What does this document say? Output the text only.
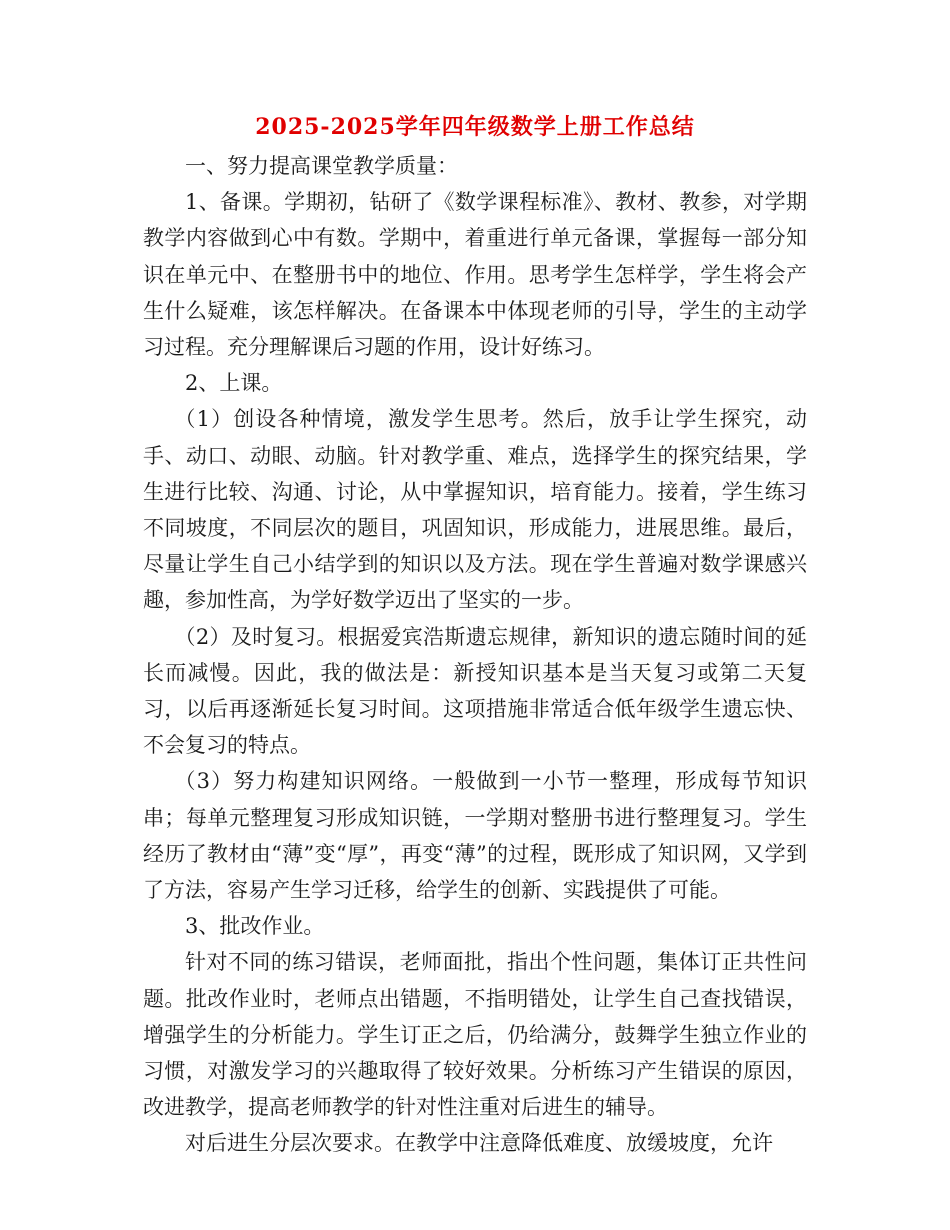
2025-2025学年四年级数学上册工作总结

一、努力提高课堂教学质量：

1、备课。学期初，钻研了《数学课程标准》、教材、教参，对学期教学内容做到心中有数。学期中，着重进行单元备课，掌握每一部分知识在单元中、在整册书中的地位、作用。思考学生怎样学，学生将会产生什么疑难，该怎样解决。在备课本中体现老师的引导，学生的主动学习过程。充分理解课后习题的作用，设计好练习。

2、上课。

（1）创设各种情境，激发学生思考。然后，放手让学生探究，动手、动口、动眼、动脑。针对教学重、难点，选择学生的探究结果，学生进行比较、沟通、讨论，从中掌握知识，培育能力。接着，学生练习不同坡度，不同层次的题目，巩固知识，形成能力，进展思维。最后，尽量让学生自己小结学到的知识以及方法。现在学生普遍对数学课感兴趣，参加性高，为学好数学迈出了坚实的一步。

（2）及时复习。根据爱宾浩斯遗忘规律，新知识的遗忘随时间的延长而减慢。因此，我的做法是：新授知识基本是当天复习或第二天复习，以后再逐渐延长复习时间。这项措施非常适合低年级学生遗忘快、不会复习的特点。

（3）努力构建知识网络。一般做到一小节一整理，形成每节知识串；每单元整理复习形成知识链，一学期对整册书进行整理复习。学生经历了教材由“薄”变“厚”，再变“薄”的过程，既形成了知识网，又学到了方法，容易产生学习迁移，给学生的创新、实践提供了可能。

3、批改作业。

针对不同的练习错误，老师面批，指出个性问题，集体订正共性问题。批改作业时，老师点出错题，不指明错处，让学生自己查找错误，增强学生的分析能力。学生订正之后，仍给满分，鼓舞学生独立作业的习惯，对激发学习的兴趣取得了较好效果。分析练习产生错误的原因，改进教学，提高老师教学的针对性注重对后进生的辅导。

对后进生分层次要求。在教学中注意降低难度、放缓坡度，允许
